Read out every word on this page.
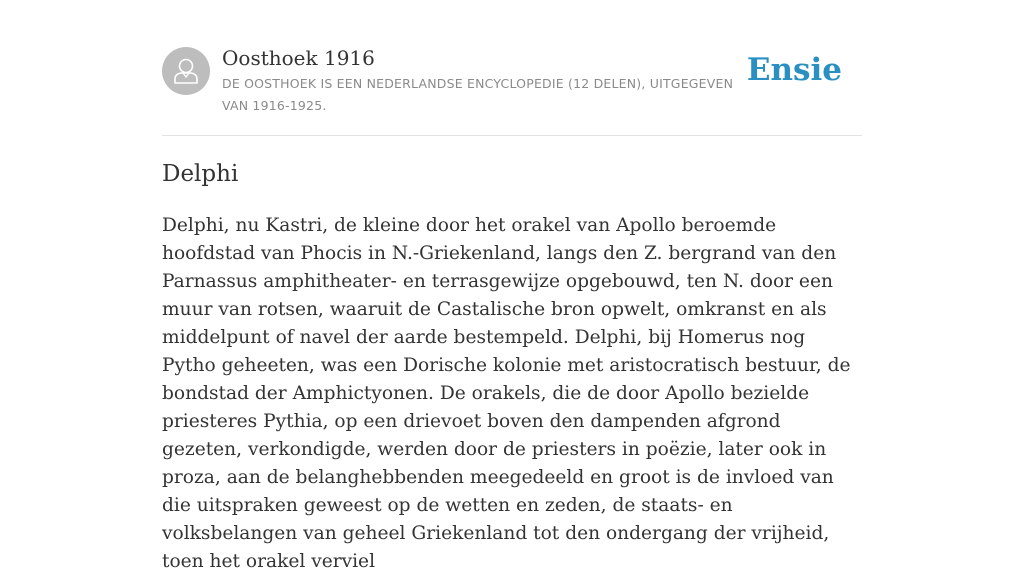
Oosthoek 1916
DE OOSTHOEK IS EEN NEDERLANDSE ENCYCLOPEDIE (12 DELEN), UITGEGEVEN VAN 1916-1925.
Ensie
Delphi

Delphi, nu Kastri, de kleine door het orakel van Apollo beroemde hoofdstad van Phocis in N.-Griekenland, langs den Z. bergrand van den Parnassus amphitheater- en terrasgewijze opgebouwd, ten N. door een muur van rotsen, waaruit de Castalische bron opwelt, omkranst en als middelpunt of navel der aarde bestempeld. Delphi, bij Homerus nog Pytho geheeten, was een Dorische kolonie met aristocratisch bestuur, de bondstad der Amphictyonen. De orakels, die de door Apollo bezielde priesteres Pythia, op een drievoet boven den dampenden afgrond gezeten, verkondigde, werden door de priesters in poëzie, later ook in proza, aan de belanghebbenden meegedeeld en groot is de invloed van die uitspraken geweest op de wetten en zeden, de staats- en volksbelangen van geheel Griekenland tot den ondergang der vrijheid, toen het orakel verviel
